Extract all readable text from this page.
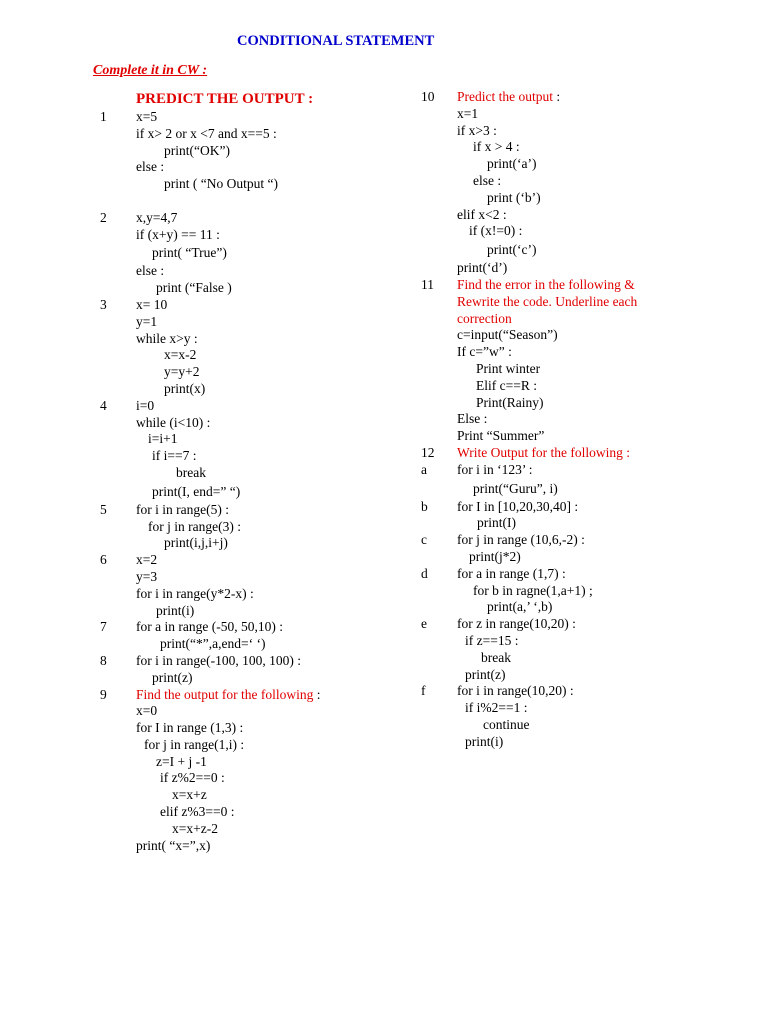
CONDITIONAL STATEMENT
Complete it in CW :
PREDICT THE OUTPUT :
1 x=5
if x> 2 or x <7 and x==5 :
print(“OK”)
else :
print ( “No Output “)
2 x,y=4,7
if (x+y) == 11 :
print( “True”)
else :
print (“False )
3 x= 10
y=1
while x>y :
x=x-2
y=y+2
print(x)
4 i=0
while (i<10) :
i=i+1
if i==7 :
break
print(I, end=” “)
5 for i in range(5) :
for j in range(3) :
print(i,j,i+j)
6 x=2
y=3
for i in range(y*2-x) :
print(i)
7 for a in range (-50, 50,10) :
print(“*”,a,end=‘ ‘)
8 for i in range(-100, 100, 100) :
print(z)
9 Find the output for the following :
x=0
for I in range (1,3) :
for j in range(1,i) :
z=I + j -1
if z%2==0 :
x=x+z
elif z%3==0 :
x=x+z-2
print( “x=”,x)
10 Predict the output :
x=1
if x>3 :
if x > 4 :
print(‘a’)
else :
print (‘b’)
elif x<2 :
if (x!=0) :
print(‘c’)
print(‘d’)
11 Find the error in the following &
Rewrite the code. Underline each
correction
c=input(“Season”)
If c=”w” :
Print winter
Elif c==R :
Print(Rainy)
Else :
Print “Summer”
12 Write Output for the following :
a for i in ‘123’ :
print(“Guru”, i)
b for I in [10,20,30,40] :
print(I)
c for j in range (10,6,-2) :
print(j*2)
d for a in range (1,7) :
for b in ragne(1,a+1) ;
print(a,’ ‘,b)
e for z in range(10,20) :
if z==15 :
break
print(z)
f for i in range(10,20) :
if i%2==1 :
continue
print(i)
